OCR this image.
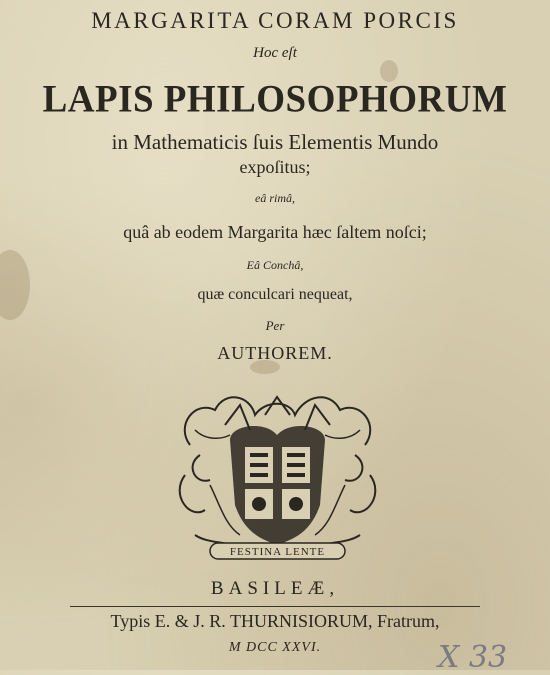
MARGARITA CORAM PORCIS
Hoc eſt
LAPIS PHILOSOPHORUM
in Mathematicis ſuis Elementis Mundo
expoſitus;
eâ rimâ,
quâ ab eodem Margarita hæc ſaltem noſci;
Eâ Conchâ,
quæ conculcari nequeat,
Per
AUTHOREM.
FESTINA LENTE
BASILEÆ,
Typis E. & J. R. THURNISIORUM, Fratrum,
M DCC XXVI.	X 33
